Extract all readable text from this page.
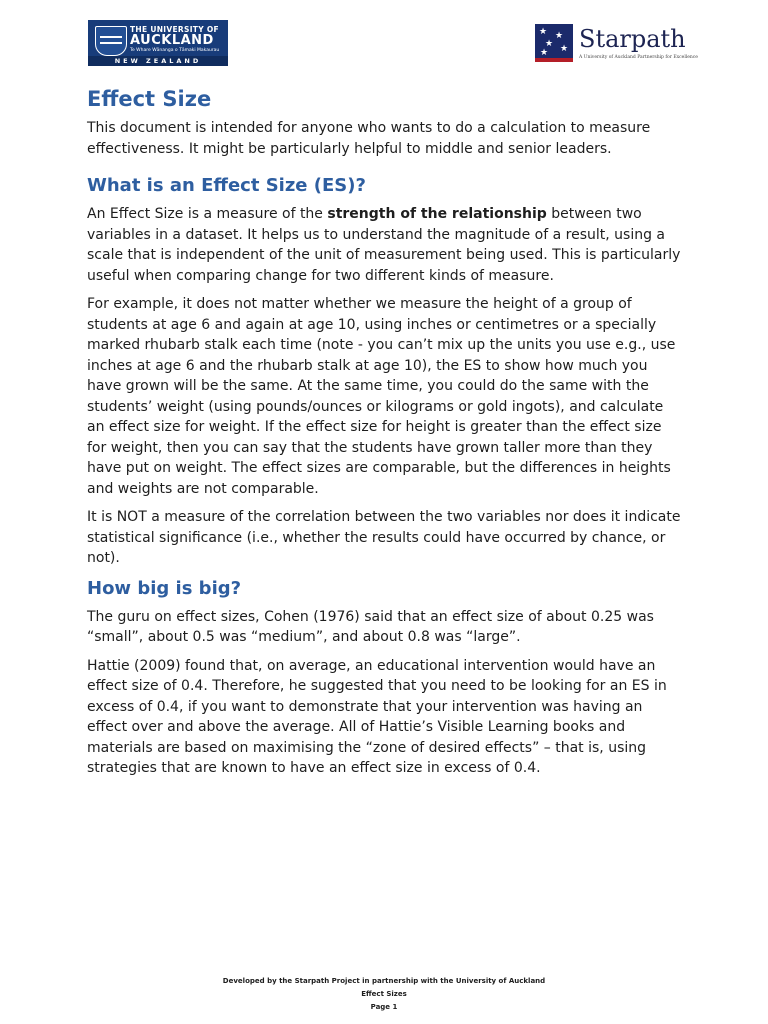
THE UNIVERSITY OF
AUCKLAND
Te Whare Wānanga o Tāmaki Makaurau
NEW ZEALAND
★ ★
★ ★
★ Starpath
A University of Auckland Partnership for Excellence
Effect Size

This document is intended for anyone who wants to do a calculation to measure effectiveness. It might be particularly helpful to middle and senior leaders.

What is an Effect Size (ES)?

An Effect Size is a measure of the strength of the relationship between two variables in a dataset. It helps us to understand the magnitude of a result, using a scale that is independent of the unit of measurement being used. This is particularly useful when comparing change for two different kinds of measure.

For example, it does not matter whether we measure the height of a group of students at age 6 and again at age 10, using inches or centimetres or a specially marked rhubarb stalk each time (note - you can’t mix up the units you use e.g., use inches at age 6 and the rhubarb stalk at age 10), the ES to show how much you have grown will be the same. At the same time, you could do the same with the students’ weight (using pounds/ounces or kilograms or gold ingots), and calculate an effect size for weight. If the effect size for height is greater than the effect size for weight, then you can say that the students have grown taller more than they have put on weight. The effect sizes are comparable, but the differences in heights and weights are not comparable.

It is NOT a measure of the correlation between the two variables nor does it indicate statistical significance (i.e., whether the results could have occurred by chance, or not).

How big is big?

The guru on effect sizes, Cohen (1976) said that an effect size of about 0.25 was “small”, about 0.5 was “medium”, and about 0.8 was “large”.

Hattie (2009) found that, on average, an educational intervention would have an effect size of 0.4. Therefore, he suggested that you need to be looking for an ES in excess of 0.4, if you want to demonstrate that your intervention was having an effect over and above the average. All of Hattie’s Visible Learning books and materials are based on maximising the “zone of desired effects” – that is, using strategies that are known to have an effect size in excess of 0.4.

Developed by the Starpath Project in partnership with the University of Auckland
Effect Sizes
Page 1
